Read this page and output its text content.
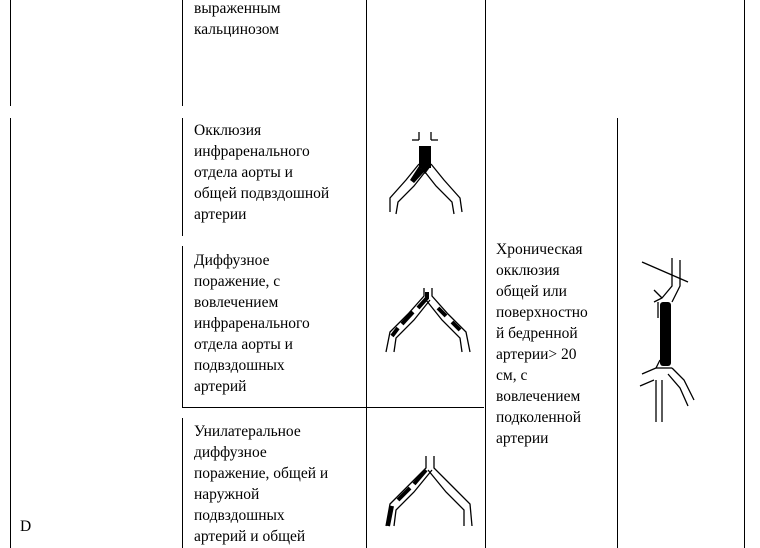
D
выраженным
кальцинозом
Окклюзия
инфраренального
отдела аорты и
общей подвздошной
артерии
Диффузное
поражение, с
вовлечением
инфраренального
отдела аорты и
подвздошных
артерий
Унилатеральное
диффузное
поражение, общей и
наружной
подвздошных
артерий и общей
Хроническая
окклюзия
общей или
поверхностно
й бедренной
артерии> 20
см, с
вовлечением
подколенной
артерии
